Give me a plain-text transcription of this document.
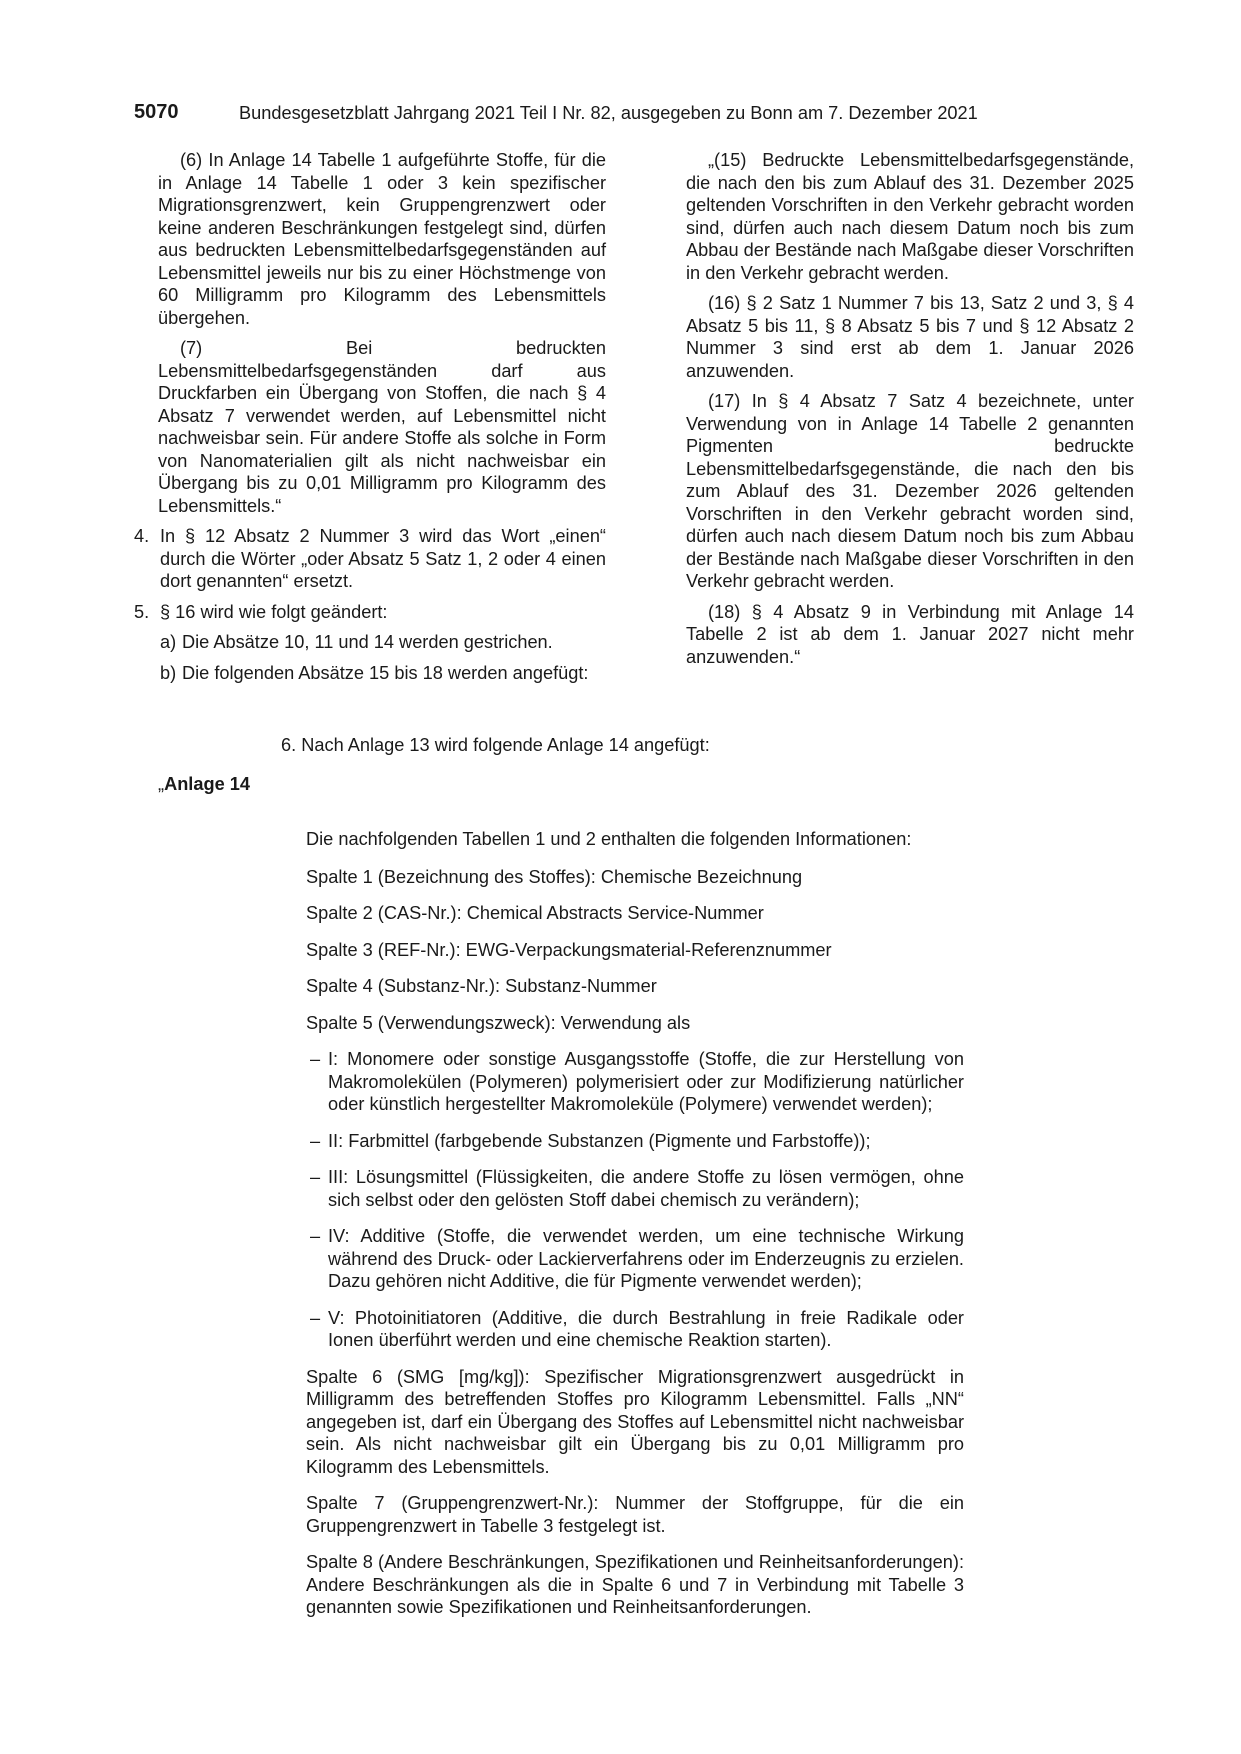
5070	Bundesgesetzblatt Jahrgang 2021 Teil I Nr. 82, ausgegeben zu Bonn am 7. Dezember 2021

(6) In Anlage 14 Tabelle 1 aufgeführte Stoffe, für die in Anlage 14 Tabelle 1 oder 3 kein spezifischer Migrationsgrenzwert, kein Gruppengrenzwert oder keine anderen Beschränkungen festgelegt sind, dürfen aus bedruckten Lebensmittelbedarfsgegenständen auf Lebensmittel jeweils nur bis zu einer Höchstmenge von 60 Milligramm pro Kilogramm des Lebensmittels übergehen.

(7) Bei bedruckten Lebensmittelbedarfsgegenständen darf aus Druckfarben ein Übergang von Stoffen, die nach § 4 Absatz 7 verwendet werden, auf Lebensmittel nicht nachweisbar sein. Für andere Stoffe als solche in Form von Nanomaterialien gilt als nicht nachweisbar ein Übergang bis zu 0,01 Milligramm pro Kilogramm des Lebensmittels.“

4. In § 12 Absatz 2 Nummer 3 wird das Wort „einen“ durch die Wörter „oder Absatz 5 Satz 1, 2 oder 4 einen dort genannten“ ersetzt.
5. § 16 wird wie folgt geändert:
a) Die Absätze 10, 11 und 14 werden gestrichen.
b) Die folgenden Absätze 15 bis 18 werden angefügt:

„(15) Bedruckte Lebensmittelbedarfsgegenstände, die nach den bis zum Ablauf des 31. Dezember 2025 geltenden Vorschriften in den Verkehr gebracht worden sind, dürfen auch nach diesem Datum noch bis zum Abbau der Bestände nach Maßgabe dieser Vorschriften in den Verkehr gebracht werden.

(16) § 2 Satz 1 Nummer 7 bis 13, Satz 2 und 3, § 4 Absatz 5 bis 11, § 8 Absatz 5 bis 7 und § 12 Absatz 2 Nummer 3 sind erst ab dem 1. Januar 2026 anzuwenden.

(17) In § 4 Absatz 7 Satz 4 bezeichnete, unter Verwendung von in Anlage 14 Tabelle 2 genannten Pigmenten bedruckte Lebensmittelbedarfsgegenstände, die nach den bis zum Ablauf des 31. Dezember 2026 geltenden Vorschriften in den Verkehr gebracht worden sind, dürfen auch nach diesem Datum noch bis zum Abbau der Bestände nach Maßgabe dieser Vorschriften in den Verkehr gebracht werden.

(18) § 4 Absatz 9 in Verbindung mit Anlage 14 Tabelle 2 ist ab dem 1. Januar 2027 nicht mehr anzuwenden.“

6. Nach Anlage 13 wird folgende Anlage 14 angefügt:
„Anlage 14

Die nachfolgenden Tabellen 1 und 2 enthalten die folgenden Informationen:

Spalte 1 (Bezeichnung des Stoffes): Chemische Bezeichnung

Spalte 2 (CAS-Nr.): Chemical Abstracts Service-Nummer

Spalte 3 (REF-Nr.): EWG-Verpackungsmaterial-Referenznummer

Spalte 4 (Substanz-Nr.): Substanz-Nummer

Spalte 5 (Verwendungszweck): Verwendung als

– I: Monomere oder sonstige Ausgangsstoffe (Stoffe, die zur Herstellung von Makromolekülen (Polymeren) polymerisiert oder zur Modifizierung natürlicher oder künstlich hergestellter Makromoleküle (Polymere) verwendet werden);
– II: Farbmittel (farbgebende Substanzen (Pigmente und Farbstoffe));
– III: Lösungsmittel (Flüssigkeiten, die andere Stoffe zu lösen vermögen, ohne sich selbst oder den gelösten Stoff dabei chemisch zu verändern);
– IV: Additive (Stoffe, die verwendet werden, um eine technische Wirkung während des Druck- oder Lackierverfahrens oder im Enderzeugnis zu erzielen. Dazu gehören nicht Additive, die für Pigmente verwendet werden);
– V: Photoinitiatoren (Additive, die durch Bestrahlung in freie Radikale oder Ionen überführt werden und eine chemische Reaktion starten).

Spalte 6 (SMG [mg/kg]): Spezifischer Migrationsgrenzwert ausgedrückt in Milligramm des betreffenden Stoffes pro Kilogramm Lebensmittel. Falls „NN“ angegeben ist, darf ein Übergang des Stoffes auf Lebensmittel nicht nachweisbar sein. Als nicht nachweisbar gilt ein Übergang bis zu 0,01 Milligramm pro Kilogramm des Lebensmittels.

Spalte 7 (Gruppengrenzwert-Nr.): Nummer der Stoffgruppe, für die ein Gruppengrenzwert in Tabelle 3 festgelegt ist.

Spalte 8 (Andere Beschränkungen, Spezifikationen und Reinheitsanforderungen): Andere Beschränkungen als die in Spalte 6 und 7 in Verbindung mit Tabelle 3 genannten sowie Spezifikationen und Reinheitsanforderungen.
